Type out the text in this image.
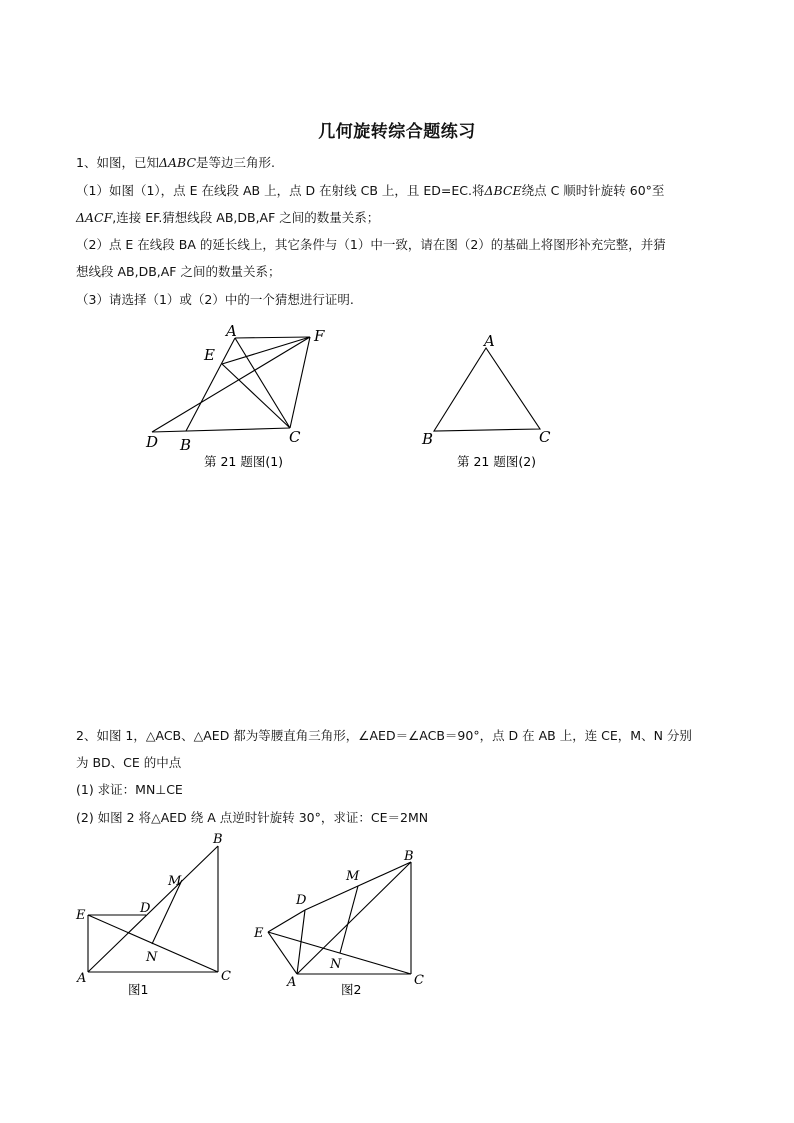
几何旋转综合题练习
1、如图，已知ΔABC是等边三角形.
（1）如图（1），点 E 在线段 AB 上，点 D 在射线 CB 上，且 ED=EC.将ΔBCE绕点 C 顺时针旋转 60°至
ΔACF,连接 EF.猜想线段 AB,DB,AF 之间的数量关系；
（2）点 E 在线段 BA 的延长线上，其它条件与（1）中一致，请在图（2）的基础上将图形补充完整，并猜
想线段 AB,DB,AF 之间的数量关系；
（3）请选择（1）或（2）中的一个猜想进行证明.
A
E
F
D B	C
第 21 题图(1)
A
B	C
第 21 题图(2)
2、如图 1，△ACB、△AED 都为等腰直角三角形，∠AED＝∠ACB＝90°，点 D 在 AB 上，连 CE，M、N 分别
为 BD、CE 的中点
(1) 求证：MN⊥CE
(2) 如图 2 将△AED 绕 A 点逆时针旋转 30°，求证：CE＝2MN
B
M
E	D
N
A	C
图1
B
M
D
E
N
A	C
图2
